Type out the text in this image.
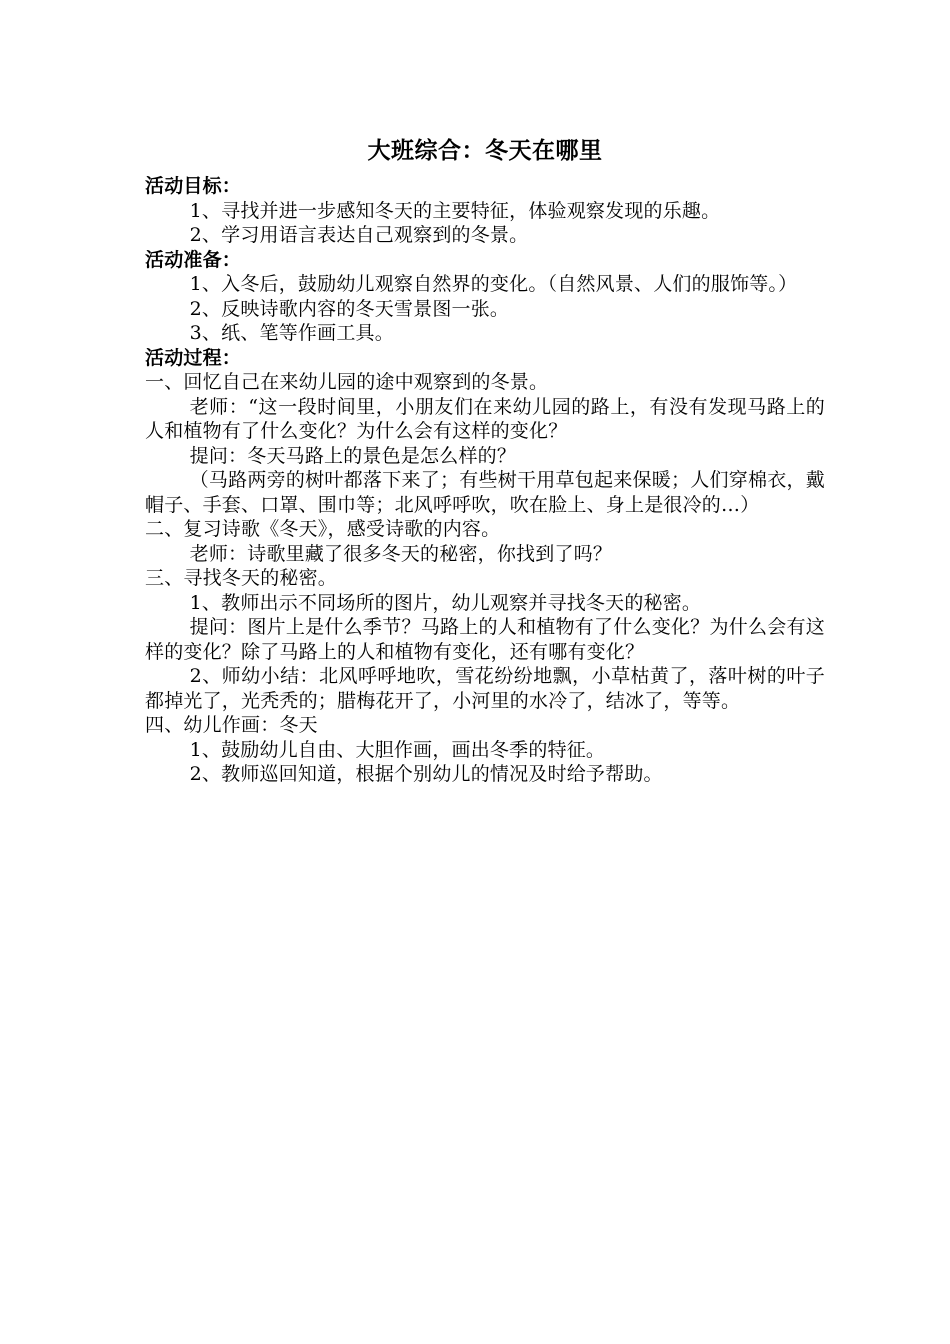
大班综合：冬天在哪里

活动目标：

1、寻找并进一步感知冬天的主要特征，体验观察发现的乐趣。

2、学习用语言表达自己观察到的冬景。

活动准备：

1、入冬后，鼓励幼儿观察自然界的变化。（自然风景、人们的服饰等。）

2、反映诗歌内容的冬天雪景图一张。

3、纸、笔等作画工具。

活动过程：

一、回忆自己在来幼儿园的途中观察到的冬景。

老师：“这一段时间里，小朋友们在来幼儿园的路上，有没有发现马路上的人和植物有了什么变化？为什么会有这样的变化？

提问：冬天马路上的景色是怎么样的？

（马路两旁的树叶都落下来了；有些树干用草包起来保暖；人们穿棉衣，戴帽子、手套、口罩、围巾等；北风呼呼吹，吹在脸上、身上是很冷的…）

二、复习诗歌《冬天》，感受诗歌的内容。

老师：诗歌里藏了很多冬天的秘密，你找到了吗？

三、寻找冬天的秘密。

1、教师出示不同场所的图片，幼儿观察并寻找冬天的秘密。

提问：图片上是什么季节？马路上的人和植物有了什么变化？为什么会有这样的变化？除了马路上的人和植物有变化，还有哪有变化？

2、师幼小结：北风呼呼地吹，雪花纷纷地飘，小草枯黄了，落叶树的叶子都掉光了，光秃秃的；腊梅花开了，小河里的水冷了，结冰了，等等。

四、幼儿作画：冬天

1、鼓励幼儿自由、大胆作画，画出冬季的特征。

2、教师巡回知道，根据个别幼儿的情况及时给予帮助。
